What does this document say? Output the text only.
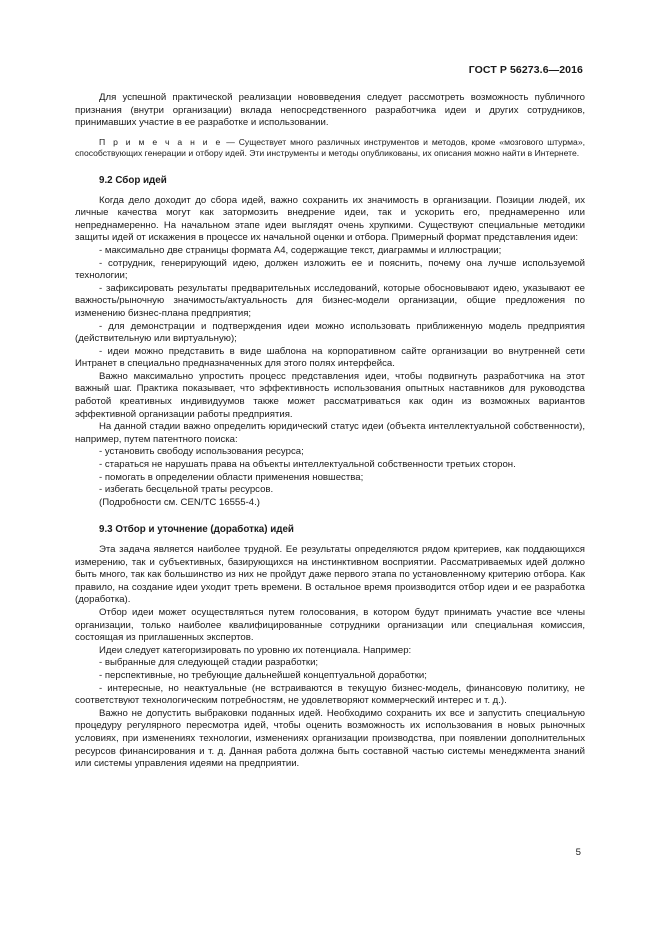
ГОСТ Р 56273.6—2016

Для успешной практической реализации нововведения следует рассмотреть возможность публичного признания (внутри организации) вклада непосредственного разработчика идеи и других сотрудников, принимавших участие в ее разработке и использовании.

П р и м е ч а н и е — Существует много различных инструментов и методов, кроме «мозгового штурма», способствующих генерации и отбору идей. Эти инструменты и методы опубликованы, их описания можно найти в Интернете.

9.2 Сбор идей

Когда дело доходит до сбора идей, важно сохранить их значимость в организации. Позиции людей, их личные качества могут как затормозить внедрение идеи, так и ускорить его, преднамеренно или непреднамеренно. На начальном этапе идеи выглядят очень хрупкими. Существуют специальные методики защиты идей от искажения в процессе их начальной оценки и отбора. Примерный формат представления идеи:

- максимально две страницы формата А4, содержащие текст, диаграммы и иллюстрации;

- сотрудник, генерирующий идею, должен изложить ее и пояснить, почему она лучше используемой технологии;

- зафиксировать результаты предварительных исследований, которые обосновывают идею, указывают ее важность/рыночную значимость/актуальность для бизнес-модели организации, общие предложения по изменению бизнес-плана предприятия;

- для демонстрации и подтверждения идеи можно использовать приближенную модель предприятия (действительную или виртуальную);

- идеи можно представить в виде шаблона на корпоративном сайте организации во внутренней сети Интранет в специально предназначенных для этого полях интерфейса.

Важно максимально упростить процесс представления идеи, чтобы подвигнуть разработчика на этот важный шаг. Практика показывает, что эффективность использования опытных наставников для руководства работой креативных индивидуумов также может рассматриваться как один из возможных вариантов эффективной организации работы предприятия.

На данной стадии важно определить юридический статус идеи (объекта интеллектуальной собственности), например, путем патентного поиска:

- установить свободу использования ресурса;

- стараться не нарушать права на объекты интеллектуальной собственности третьих сторон.

- помогать в определении области применения новшества;

- избегать бесцельной траты ресурсов.

(Подробности см. CEN/TC 16555-4.)

9.3 Отбор и уточнение (доработка) идей

Эта задача является наиболее трудной. Ее результаты определяются рядом критериев, как поддающихся измерению, так и субъективных, базирующихся на инстинктивном восприятии. Рассматриваемых идей должно быть много, так как большинство из них не пройдут даже первого этапа по установленному критерию отбора. Как правило, на создание идеи уходит треть времени. В остальное время производится отбор идеи и ее разработка (доработка).

Отбор идеи может осуществляться путем голосования, в котором будут принимать участие все члены организации, только наиболее квалифицированные сотрудники организации или специальная комиссия, состоящая из приглашенных экспертов.

Идеи следует категоризировать по уровню их потенциала. Например:

- выбранные для следующей стадии разработки;

- перспективные, но требующие дальнейшей концептуальной доработки;

- интересные, но неактуальные (не встраиваются в текущую бизнес-модель, финансовую политику, не соответствуют технологическим потребностям, не удовлетворяют коммерческий интерес и т. д.).

Важно не допустить выбраковки поданных идей. Необходимо сохранить их все и запустить специальную процедуру регулярного пересмотра идей, чтобы оценить возможность их использования в новых рыночных условиях, при изменениях технологии, изменениях организации производства, при появлении дополнительных ресурсов финансирования и т. д. Данная работа должна быть составной частью системы менеджмента знаний или системы управления идеями на предприятии.

5
